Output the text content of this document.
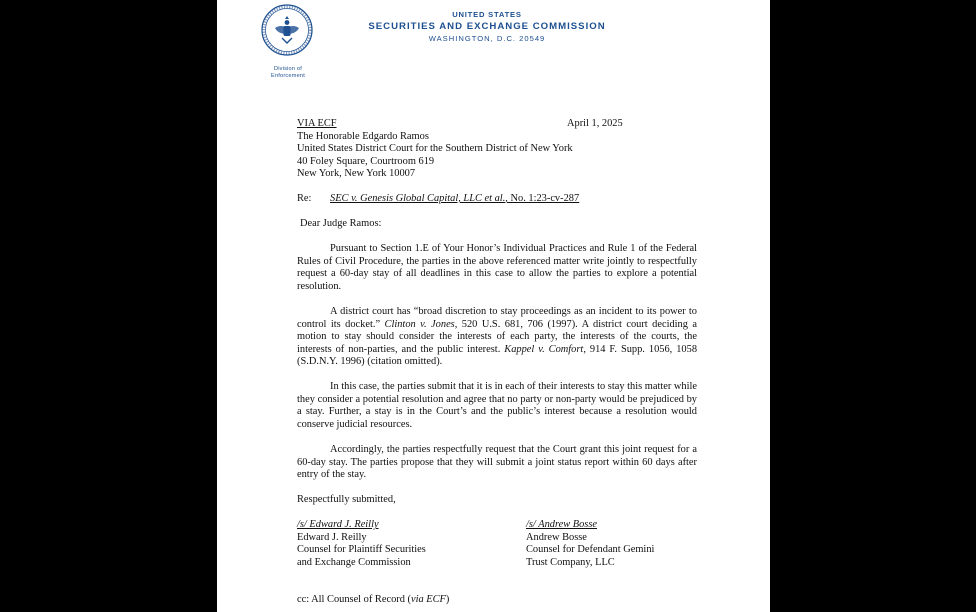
Division of
Enforcement
UNITED STATES
SECURITIES AND EXCHANGE COMMISSION
WASHINGTON, D.C. 20549
VIA ECF	April 1, 2025
The Honorable Edgardo Ramos
United States District Court for the Southern District of New York
40 Foley Square, Courtroom 619
New York, New York 10007
Re: SEC v. Genesis Global Capital, LLC et al., No. 1:23-cv-287
Dear Judge Ramos:
Pursuant to Section 1.E of Your Honor’s Individual Practices and Rule 1 of the Federal Rules of Civil Procedure, the parties in the above referenced matter write jointly to respectfully request a 60-day stay of all deadlines in this case to allow the parties to explore a potential resolution.
A district court has “broad discretion to stay proceedings as an incident to its power to control its docket.” Clinton v. Jones, 520 U.S. 681, 706 (1997). A district court deciding a motion to stay should consider the interests of each party, the interests of the courts, the interests of non-parties, and the public interest. Kappel v. Comfort, 914 F. Supp. 1056, 1058 (S.D.N.Y. 1996) (citation omitted).
In this case, the parties submit that it is in each of their interests to stay this matter while they consider a potential resolution and agree that no party or non-party would be prejudiced by a stay. Further, a stay is in the Court’s and the public’s interest because a resolution would conserve judicial resources.
Accordingly, the parties respectfully request that the Court grant this joint request for a 60-day stay. The parties propose that they will submit a joint status report within 60 days after entry of the stay.
Respectfully submitted,
/s/ Edward J. Reilly
Edward J. Reilly
Counsel for Plaintiff Securities
and Exchange Commission
/s/ Andrew Bosse
Andrew Bosse
Counsel for Defendant Gemini
Trust Company, LLC
cc: All Counsel of Record (via ECF)
